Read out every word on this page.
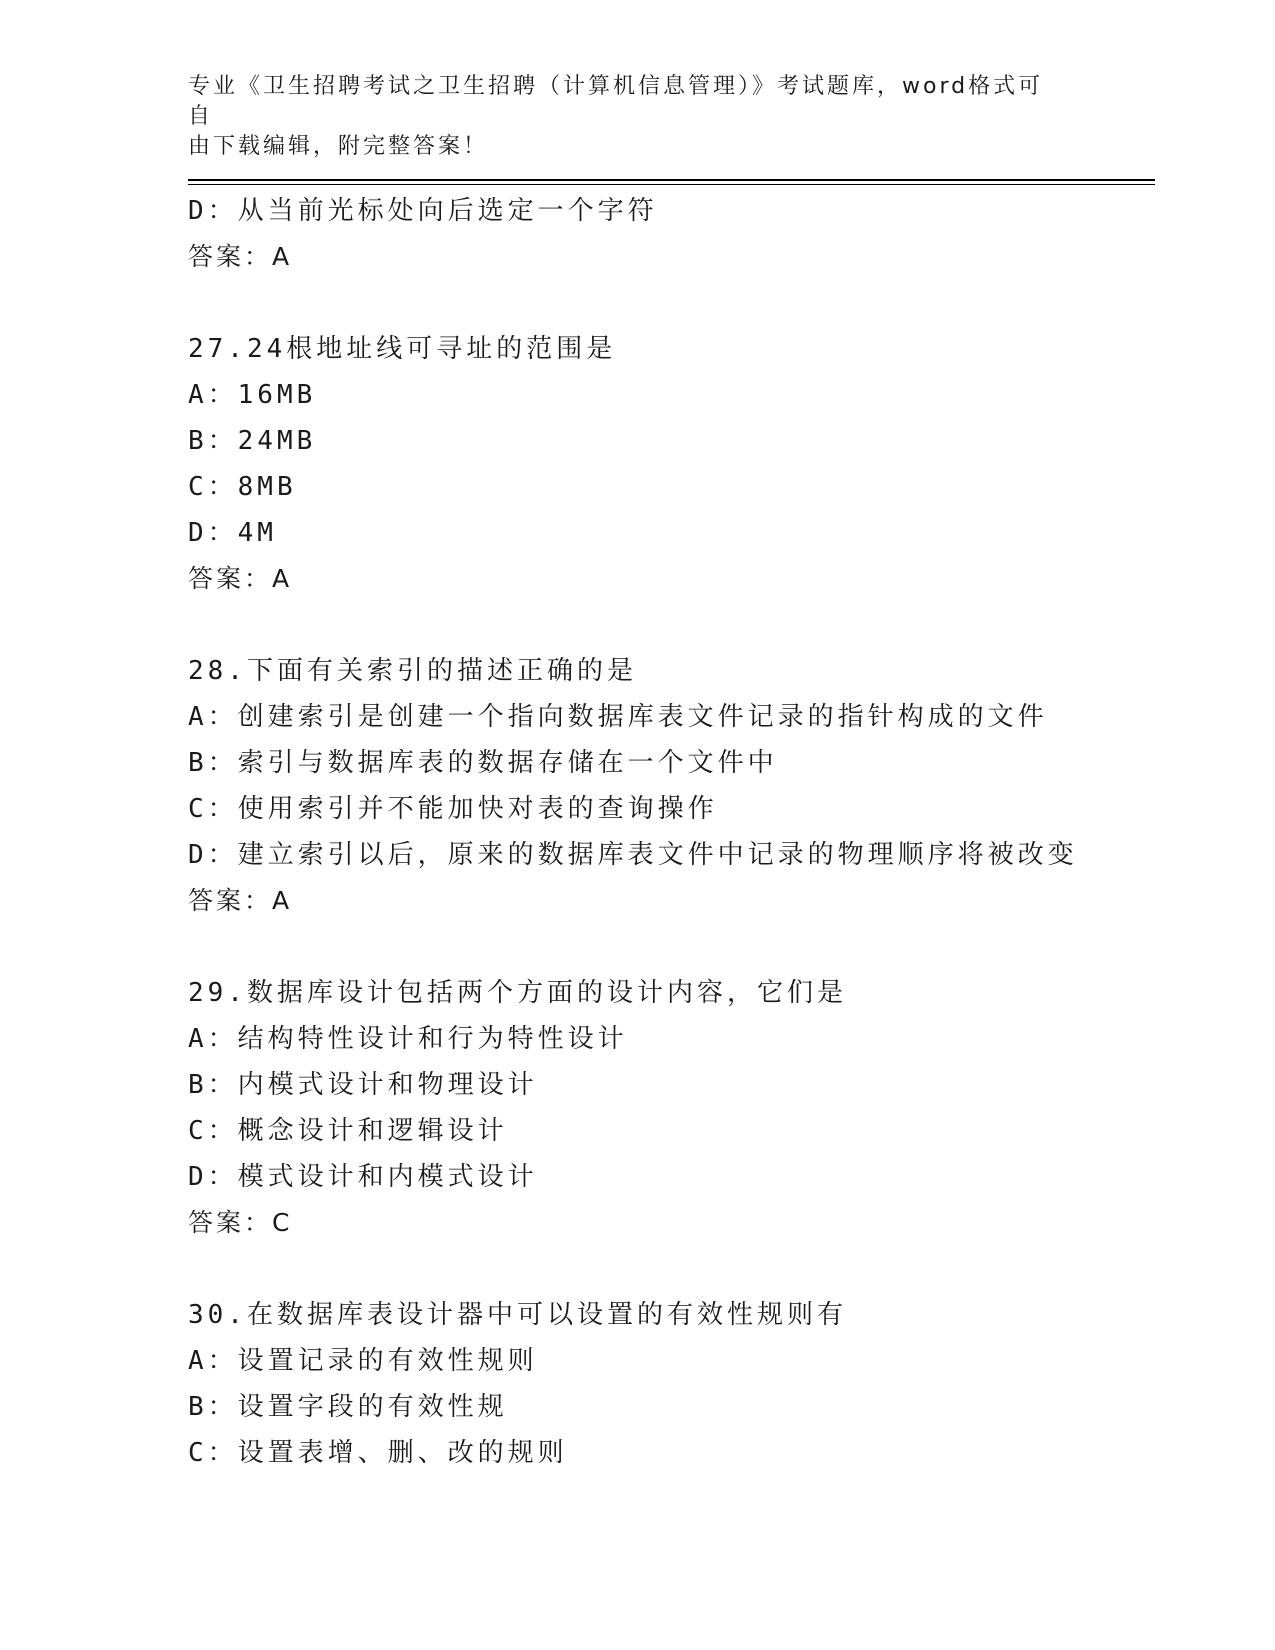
专业《卫生招聘考试之卫生招聘（计算机信息管理）》考试题库，word格式可自
由下载编辑，附完整答案！
D：从当前光标处向后选定一个字符
答案：A
27.24根地址线可寻址的范围是
A：16MB
B：24MB
C：8MB
D：4M
答案：A
28.下面有关索引的描述正确的是
A：创建索引是创建一个指向数据库表文件记录的指针构成的文件
B：索引与数据库表的数据存储在一个文件中
C：使用索引并不能加快对表的查询操作
D：建立索引以后，原来的数据库表文件中记录的物理顺序将被改变
答案：A
29.数据库设计包括两个方面的设计内容，它们是
A：结构特性设计和行为特性设计
B：内模式设计和物理设计
C：概念设计和逻辑设计
D：模式设计和内模式设计
答案：C
30.在数据库表设计器中可以设置的有效性规则有
A：设置记录的有效性规则
B：设置字段的有效性规
C：设置表增、删、改的规则
